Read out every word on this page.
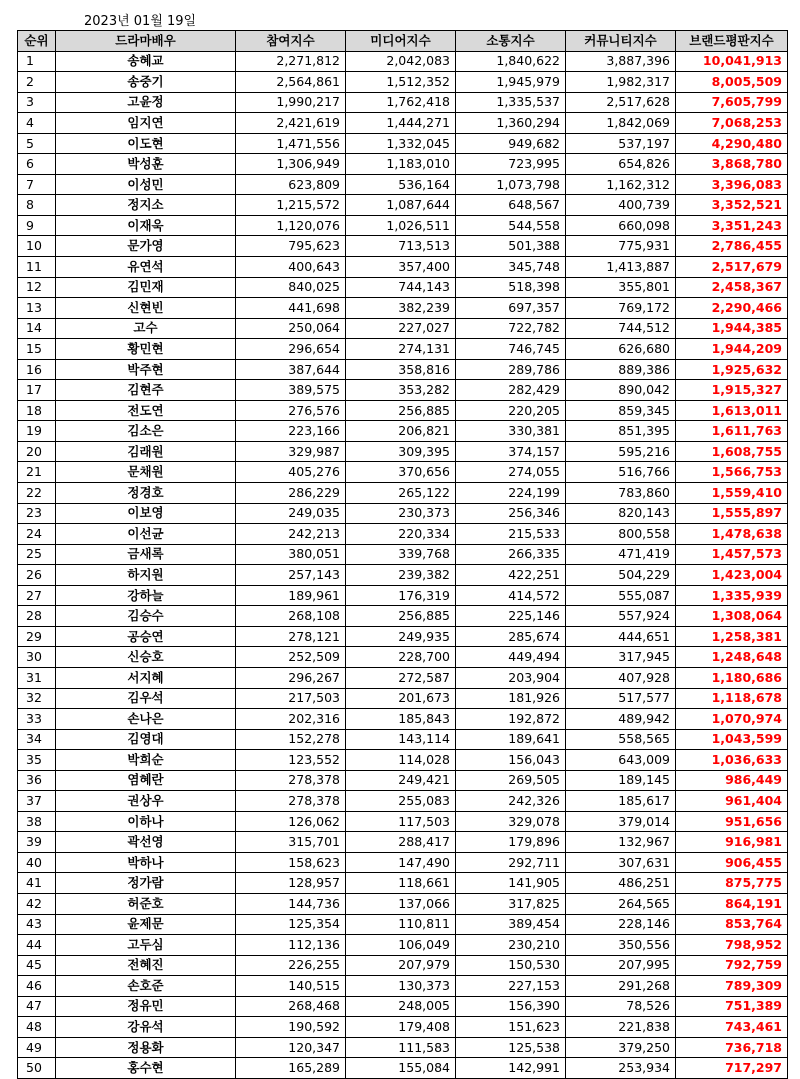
2023년 01월 19일
순위	드라마배우	참여지수	미디어지수	소통지수	커뮤니티지수	브랜드평판지수
1	송혜교	2,271,812	2,042,083	1,840,622	3,887,396	10,041,913
2	송중기	2,564,861	1,512,352	1,945,979	1,982,317	8,005,509
3	고윤정	1,990,217	1,762,418	1,335,537	2,517,628	7,605,799
4	임지연	2,421,619	1,444,271	1,360,294	1,842,069	7,068,253
5	이도현	1,471,556	1,332,045	949,682	537,197	4,290,480
6	박성훈	1,306,949	1,183,010	723,995	654,826	3,868,780
7	이성민	623,809	536,164	1,073,798	1,162,312	3,396,083
8	정지소	1,215,572	1,087,644	648,567	400,739	3,352,521
9	이재욱	1,120,076	1,026,511	544,558	660,098	3,351,243
10	문가영	795,623	713,513	501,388	775,931	2,786,455
11	유연석	400,643	357,400	345,748	1,413,887	2,517,679
12	김민재	840,025	744,143	518,398	355,801	2,458,367
13	신현빈	441,698	382,239	697,357	769,172	2,290,466
14	고수	250,064	227,027	722,782	744,512	1,944,385
15	황민현	296,654	274,131	746,745	626,680	1,944,209
16	박주현	387,644	358,816	289,786	889,386	1,925,632
17	김현주	389,575	353,282	282,429	890,042	1,915,327
18	전도연	276,576	256,885	220,205	859,345	1,613,011
19	김소은	223,166	206,821	330,381	851,395	1,611,763
20	김래원	329,987	309,395	374,157	595,216	1,608,755
21	문채원	405,276	370,656	274,055	516,766	1,566,753
22	정경호	286,229	265,122	224,199	783,860	1,559,410
23	이보영	249,035	230,373	256,346	820,143	1,555,897
24	이선균	242,213	220,334	215,533	800,558	1,478,638
25	금새록	380,051	339,768	266,335	471,419	1,457,573
26	하지원	257,143	239,382	422,251	504,229	1,423,004
27	강하늘	189,961	176,319	414,572	555,087	1,335,939
28	김승수	268,108	256,885	225,146	557,924	1,308,064
29	공승연	278,121	249,935	285,674	444,651	1,258,381
30	신승호	252,509	228,700	449,494	317,945	1,248,648
31	서지혜	296,267	272,587	203,904	407,928	1,180,686
32	김우석	217,503	201,673	181,926	517,577	1,118,678
33	손나은	202,316	185,843	192,872	489,942	1,070,974
34	김영대	152,278	143,114	189,641	558,565	1,043,599
35	박희순	123,552	114,028	156,043	643,009	1,036,633
36	염혜란	278,378	249,421	269,505	189,145	986,449
37	권상우	278,378	255,083	242,326	185,617	961,404
38	이하나	126,062	117,503	329,078	379,014	951,656
39	곽선영	315,701	288,417	179,896	132,967	916,981
40	박하나	158,623	147,490	292,711	307,631	906,455
41	정가람	128,957	118,661	141,905	486,251	875,775
42	허준호	144,736	137,066	317,825	264,565	864,191
43	윤제문	125,354	110,811	389,454	228,146	853,764
44	고두심	112,136	106,049	230,210	350,556	798,952
45	전혜진	226,255	207,979	150,530	207,995	792,759
46	손호준	140,515	130,373	227,153	291,268	789,309
47	정유민	268,468	248,005	156,390	78,526	751,389
48	강유석	190,592	179,408	151,623	221,838	743,461
49	정용화	120,347	111,583	125,538	379,250	736,718
50	홍수현	165,289	155,084	142,991	253,934	717,297
